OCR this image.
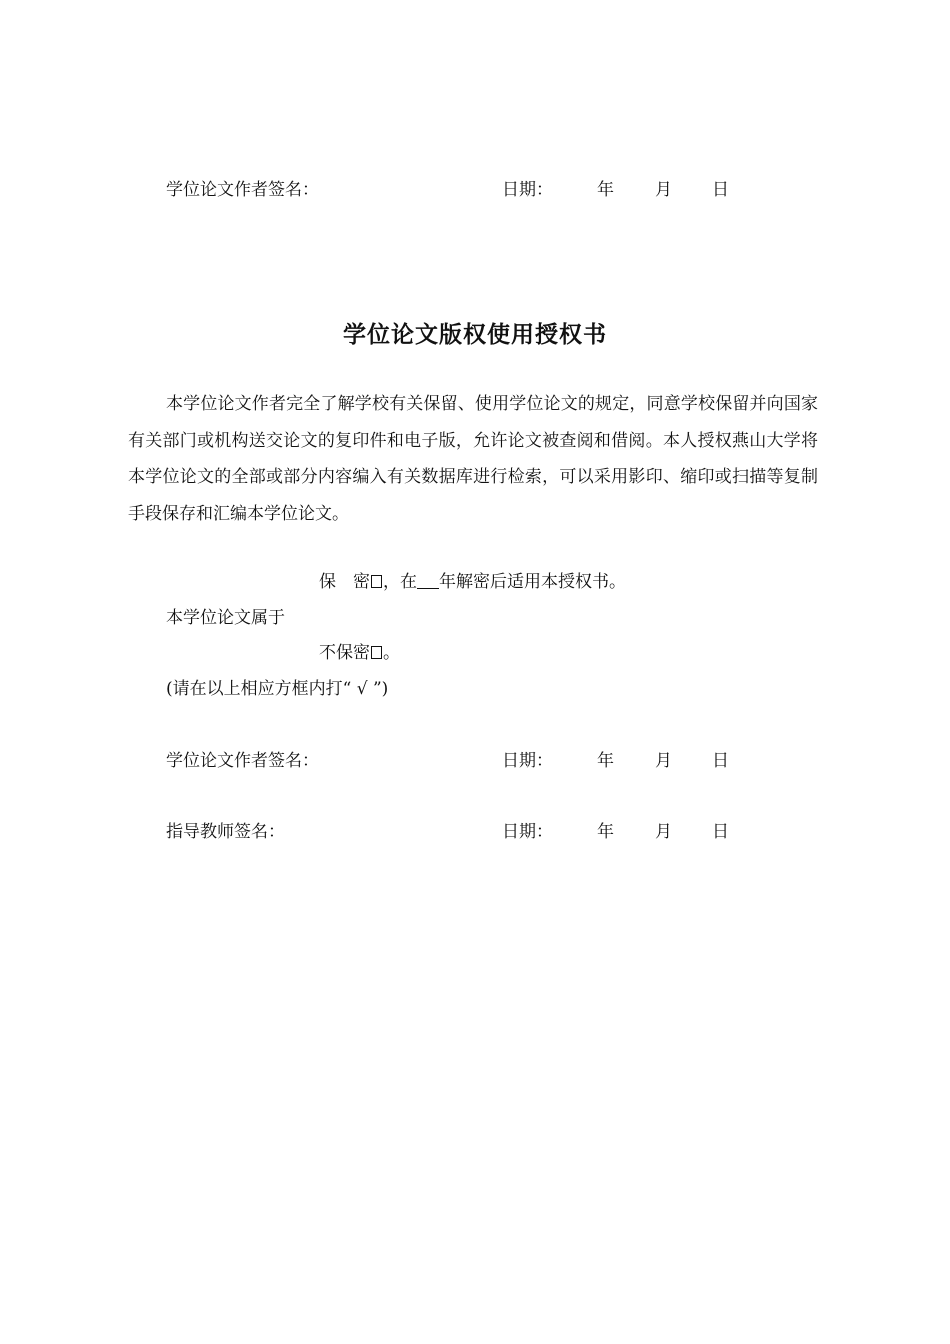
学位论文作者签名：	日期：	年 月 日
学位论文版权使用授权书
本学位论文作者完全了解学校有关保留、使用学位论文的规定，同意学校保留并向国家有关部门或机构送交论文的复印件和电子版，允许论文被查阅和借阅。本人授权燕山大学将本学位论文的全部或部分内容编入有关数据库进行检索，可以采用影印、缩印或扫描等复制手段保存和汇编本学位论文。
保　密 ，在 年解密后适用本授权书。
本学位论文属于
不保密 。
(请在以上相应方框内打“ √ ”)
学位论文作者签名：	日期：	年 月 日
指导教师签名：	日期：	年 月 日
